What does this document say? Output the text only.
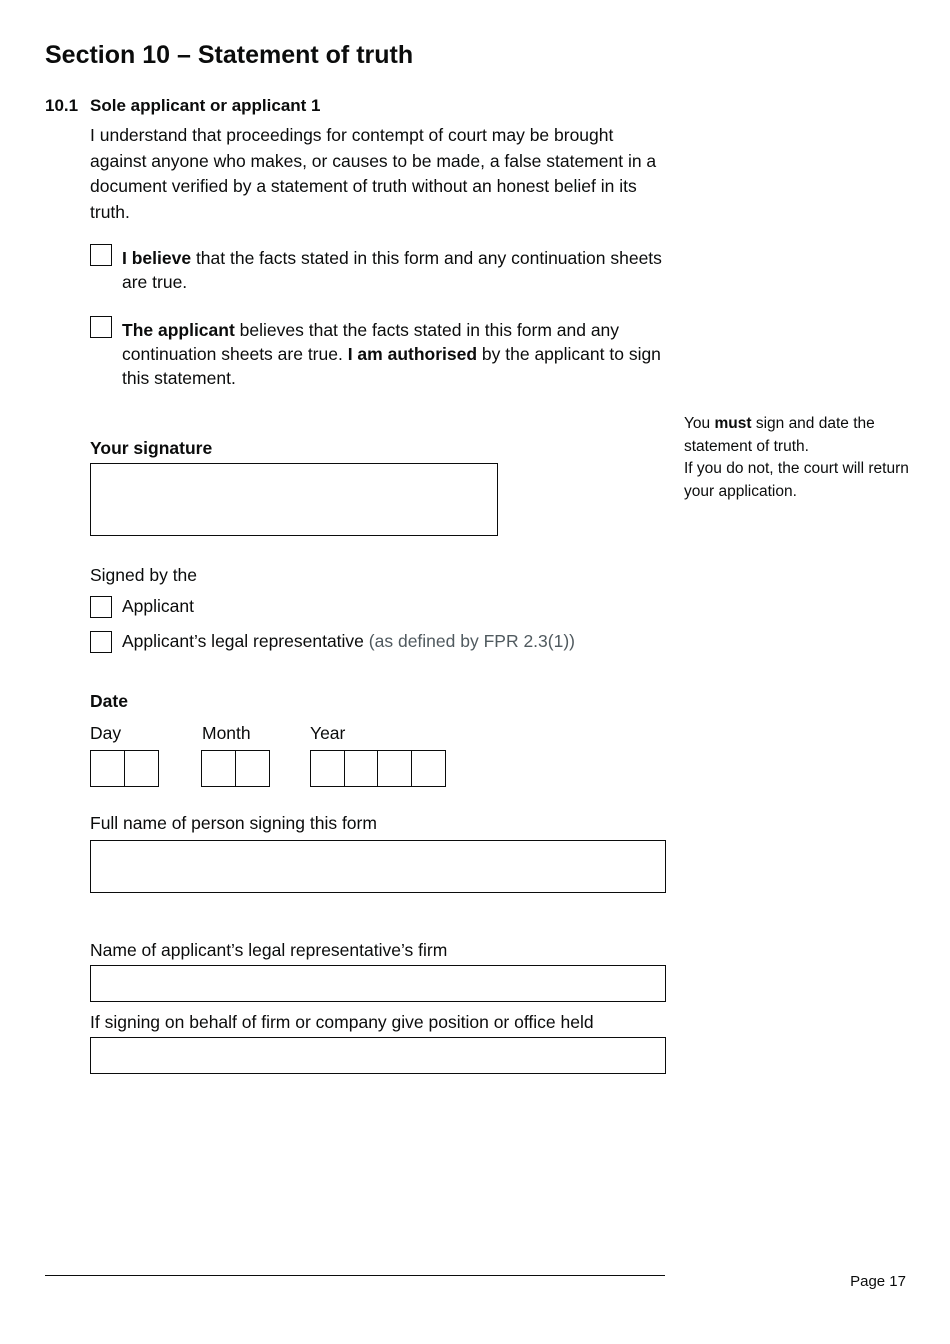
Section 10 – Statement of truth
10.1 Sole applicant or applicant 1
I understand that proceedings for contempt of court may be brought against anyone who makes, or causes to be made, a false statement in a document verified by a statement of truth without an honest belief in its truth.
I believe that the facts stated in this form and any continuation sheets are true.
The applicant believes that the facts stated in this form and any continuation sheets are true. I am authorised by the applicant to sign this statement.
You must sign and date the statement of truth.
If you do not, the court will return your application.
Your signature
Signed by the
Applicant
Applicant’s legal representative (as defined by FPR 2.3(1))
Date
Day	Month	Year
Full name of person signing this form
Name of applicant’s legal representative’s firm
If signing on behalf of firm or company give position or office held
Page 17
